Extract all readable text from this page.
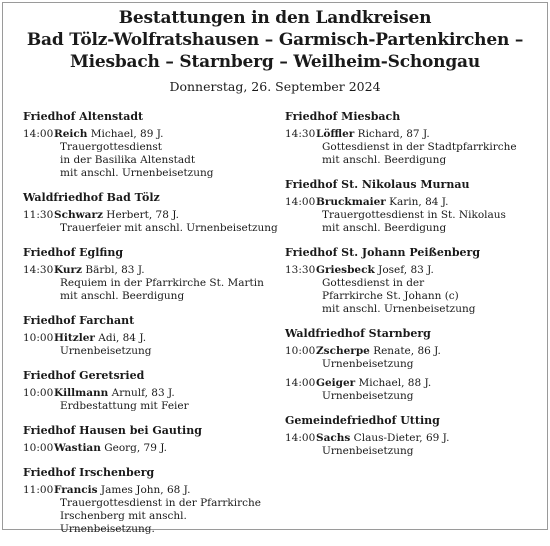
Bestattungen in den Landkreisen
Bad Tölz-Wolfratshausen – Garmisch-Partenkirchen –
Miesbach – Starnberg – Weilheim-Schongau
Donnerstag, 26. September 2024
Friedhof Altenstadt
14:00 Reich Michael, 89 J.
Trauergottesdienst
in der Basilika Altenstadt
mit anschl. Urnenbeisetzung
Waldfriedhof Bad Tölz
11:30 Schwarz Herbert, 78 J.
Trauerfeier mit anschl. Urnenbeisetzung
Friedhof Eglfing
14:30 Kurz Bärbl, 83 J.
Requiem in der Pfarrkirche St. Martin
mit anschl. Beerdigung
Friedhof Farchant
10:00 Hitzler Adi, 84 J.
Urnenbeisetzung
Friedhof Geretsried
10:00 Killmann Arnulf, 83 J.
Erdbestattung mit Feier
Friedhof Hausen bei Gauting
10:00 Wastian Georg, 79 J.
Friedhof Irschenberg
11:00 Francis James John, 68 J.
Trauergottesdienst in der Pfarrkirche
Irschenberg mit anschl. Urnenbeisetzung.
Friedhof Miesbach
14:30 Löffler Richard, 87 J.
Gottesdienst in der Stadtpfarrkirche
mit anschl. Beerdigung
Friedhof St. Nikolaus Murnau
14:00 Bruckmaier Karin, 84 J.
Trauergottesdienst in St. Nikolaus
mit anschl. Beerdigung
Friedhof St. Johann Peißenberg
13:30 Griesbeck Josef, 83 J.
Gottesdienst in der
Pfarrkirche St. Johann (c)
mit anschl. Urnenbeisetzung
Waldfriedhof Starnberg
10:00 Zscherpe Renate, 86 J.
Urnenbeisetzung
14:00 Geiger Michael, 88 J.
Urnenbeisetzung
Gemeindefriedhof Utting
14:00 Sachs Claus-Dieter, 69 J.
Urnenbeisetzung
